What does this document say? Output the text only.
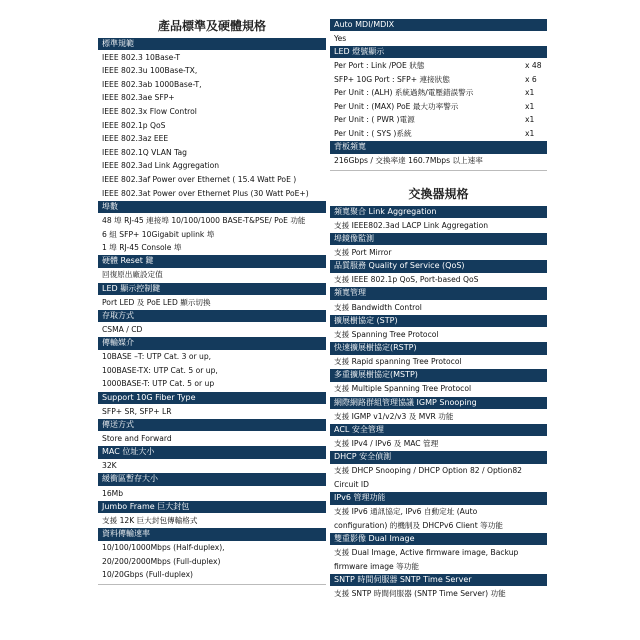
產品標準及硬體規格
標準規範
IEEE 802.3 10Base-T
IEEE 802.3u 100Base-TX,
IEEE 802.3ab 1000Base-T,
IEEE 802.3ae SFP+
IEEE 802.3x Flow Control
IEEE 802.1p QoS
IEEE 802.3az EEE
IEEE 802.1Q VLAN Tag
IEEE 802.3ad Link Aggregation
IEEE 802.3af Power over Ethernet ( 15.4 Watt PoE )
IEEE 802.3at Power over Ethernet Plus (30 Watt PoE+)
埠數
48 埠 RJ-45 連接埠 10/100/1000 BASE-T&PSE/ PoE 功能
6 組 SFP+ 10Gigabit uplink 埠
1 埠 RJ-45 Console 埠
硬體 Reset 鍵
回復原出廠設定值
LED 顯示控制鍵
Port LED 及 PoE LED 顯示切換
存取方式
CSMA / CD
傳輸媒介
10BASE –T: UTP Cat. 3 or up,
100BASE-TX: UTP Cat. 5 or up,
1000BASE-T: UTP Cat. 5 or up
Support 10G Fiber Type
SFP+ SR, SFP+ LR
傳送方式
Store and Forward
MAC 位址大小
32K
緩衝區暫存大小
16Mb
Jumbo Frame 巨大封包
支援 12K 巨大封包傳輸格式
資料傳輸速率
10/100/1000Mbps (Half-duplex),
20/200/2000Mbps (Full-duplex)
10/20Gbps (Full-duplex)
Auto MDI/MDIX
Yes
LED 燈號顯示
Per Port : Link /POE 狀態	x 48
SFP+ 10G Port : SFP+ 連接狀態	x 6
Per Unit : (ALH) 系統過熱/電壓錯誤警示	x1
Per Unit : (MAX) PoE 最大功率警示	x1
Per Unit : ( PWR )電源	x1
Per Unit : ( SYS )系統	x1
背板頻寬
216Gbps / 交換率達 160.7Mbps 以上速率
交換器規格
頻寬聚合 Link Aggregation
支援 IEEE802.3ad LACP Link Aggregation
埠鏡像監測
支援 Port Mirror
品質服務 Quality of Service (QoS)
支援 IEEE 802.1p QoS, Port-based QoS
頻寬管理
支援 Bandwidth Control
擴展樹協定 (STP)
支援 Spanning Tree Protocol
快速擴展樹協定(RSTP)
支援 Rapid spanning Tree Protocol
多重擴展樹協定(MSTP)
支援 Multiple Spanning Tree Protocol
網際網路群組管理協議 IGMP Snooping
支援 IGMP v1/v2/v3 及 MVR 功能
ACL 安全管理
支援 IPv4 / IPv6 及 MAC 管理
DHCP 安全偵測
支援 DHCP Snooping / DHCP Option 82 / Option82
Circuit ID
IPv6 管理功能
支援 IPv6 通訊協定, IPv6 自動定址 (Auto
configuration) 的機制及 DHCPv6 Client 等功能
雙重影像 Dual Image
支援 Dual Image, Active firmware image, Backup
firmware image 等功能
SNTP 時間伺服器 SNTP Time Server
支援 SNTP 時間伺服器 (SNTP Time Server) 功能
